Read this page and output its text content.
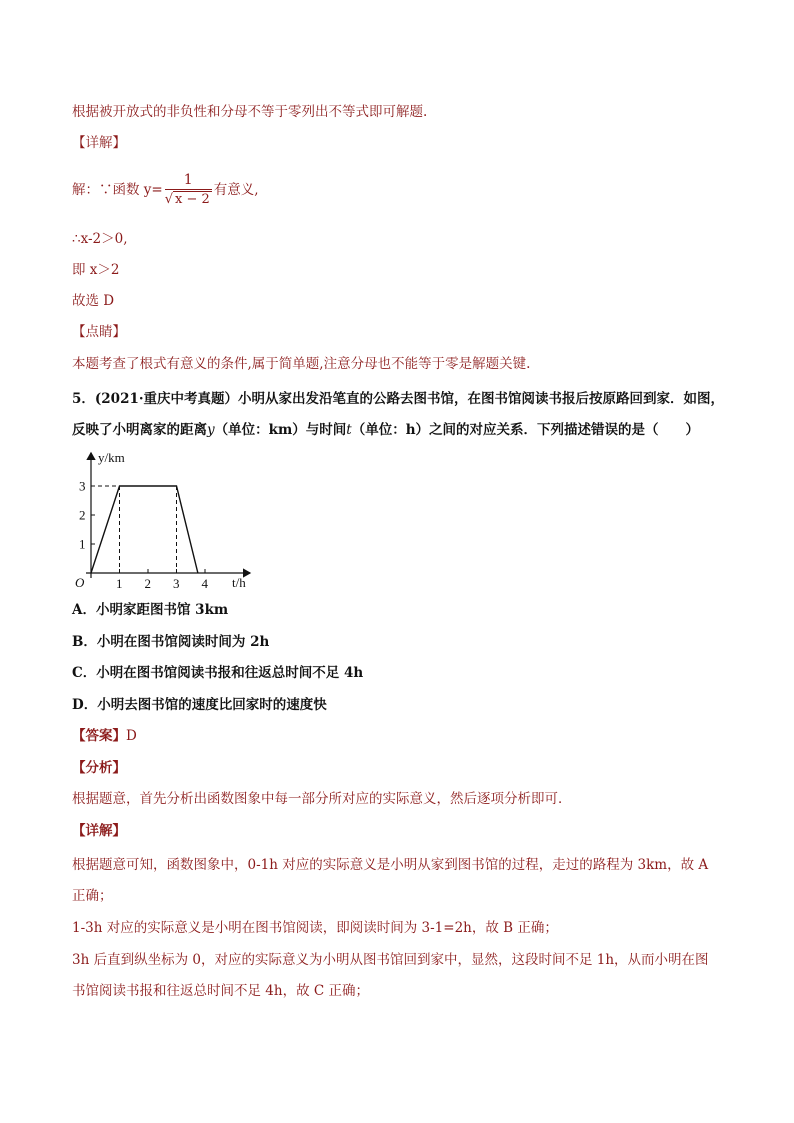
根据被开放式的非负性和分母不等于零列出不等式即可解题.
【详解】
解：∵函数 $y= \frac{1}{√ x - 2}$ 有意义,
∴x-2＞0,
即 x＞2
故选 D
【点睛】
本题考查了根式有意义的条件,属于简单题,注意分母也不能等于零是解题关键.
5．(2021·重庆中考真题）小明从家出发沿笔直的公路去图书馆，在图书馆阅读书报后按原路回到家．如图，
反映了小明离家的距离y（单位：km）与时间t（单位：h）之间的对应关系．下列描述错误的是（　　）
1 2 3 4
1
2
3
O
y/km
t/h
A．小明家距图书馆 3km
B．小明在图书馆阅读时间为 2h
C．小明在图书馆阅读书报和往返总时间不足 4h
D．小明去图书馆的速度比回家时的速度快
【答案】D
【分析】
根据题意，首先分析出函数图象中每一部分所对应的实际意义，然后逐项分析即可．
【详解】
根据题意可知，函数图象中，0-1h 对应的实际意义是小明从家到图书馆的过程，走过的路程为 3km，故 A
正确；
1-3h 对应的实际意义是小明在图书馆阅读，即阅读时间为 3-1=2h，故 B 正确；
3h 后直到纵坐标为 0，对应的实际意义为小明从图书馆回到家中，显然，这段时间不足 1h，从而小明在图
书馆阅读书报和往返总时间不足 4h，故 C 正确；
